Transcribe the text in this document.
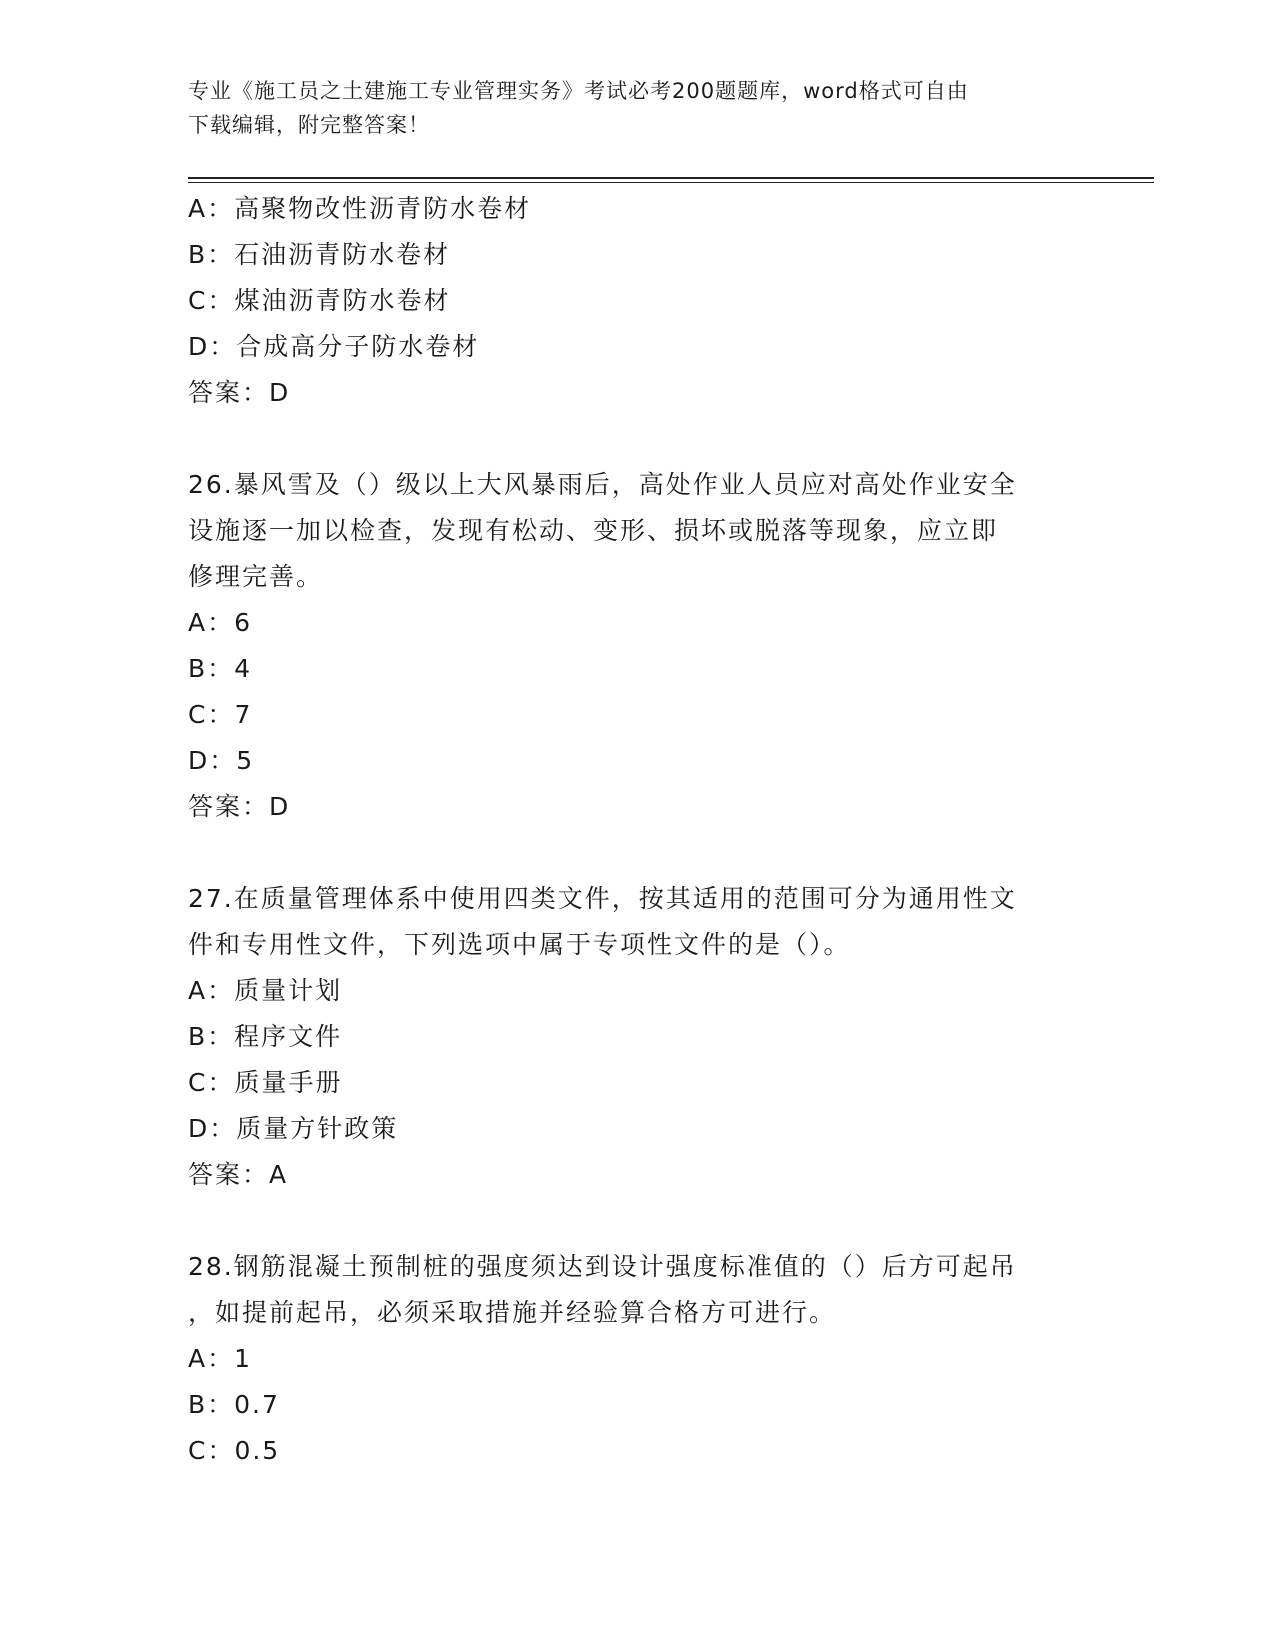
专业《施工员之土建施工专业管理实务》考试必考200题题库，word格式可自由
下载编辑，附完整答案！
A：高聚物改性沥青防水卷材
B：石油沥青防水卷材
C：煤油沥青防水卷材
D：合成高分子防水卷材
答案：D
26.暴风雪及（）级以上大风暴雨后，高处作业人员应对高处作业安全
设施逐一加以检查，发现有松动、变形、损坏或脱落等现象，应立即
修理完善。
A：6
B：4
C：7
D：5
答案：D
27.在质量管理体系中使用四类文件，按其适用的范围可分为通用性文
件和专用性文件，下列选项中属于专项性文件的是（）。
A：质量计划
B：程序文件
C：质量手册
D：质量方针政策
答案：A
28.钢筋混凝土预制桩的强度须达到设计强度标准值的（）后方可起吊
，如提前起吊，必须采取措施并经验算合格方可进行。
A：1
B：0.7
C：0.5
